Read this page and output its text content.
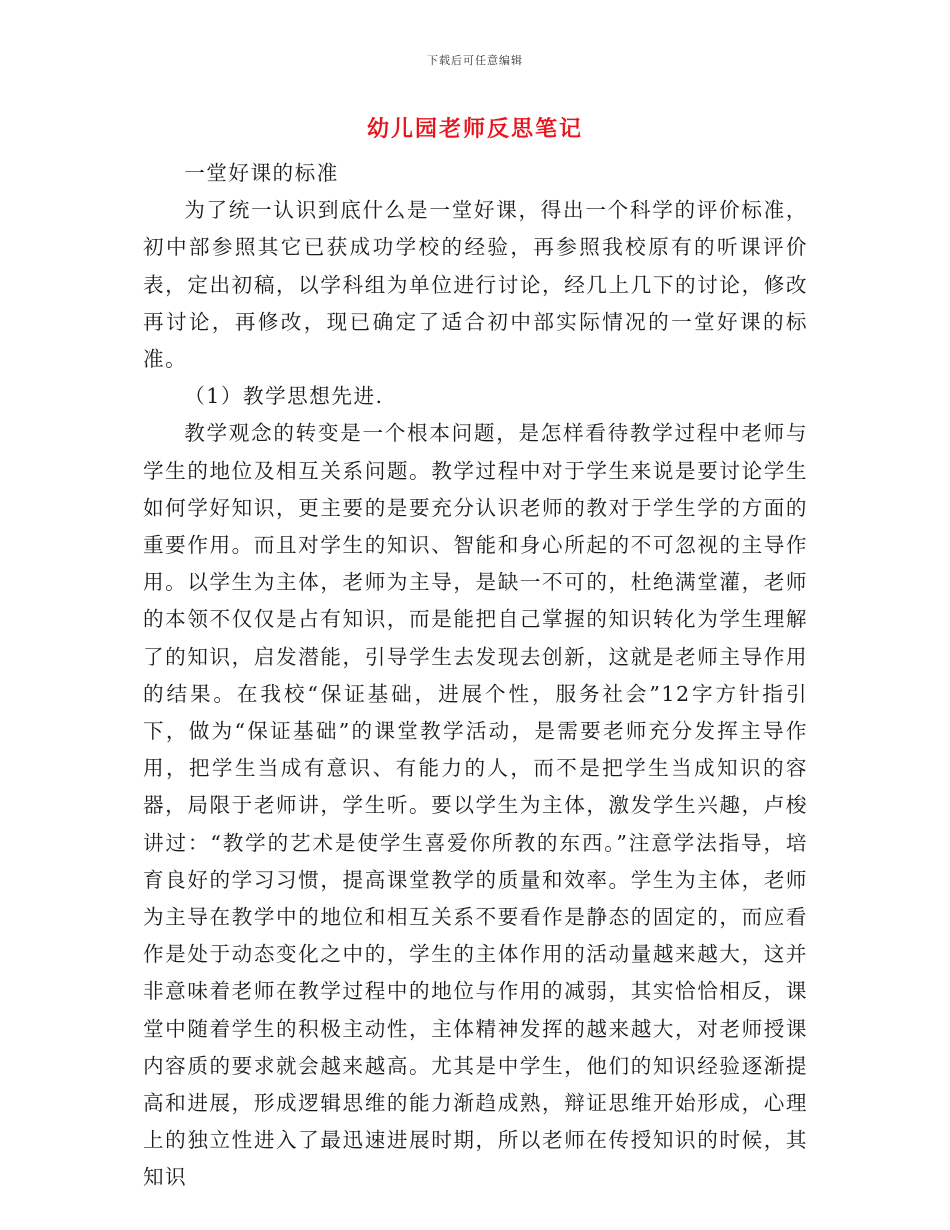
下载后可任意编辑
幼儿园老师反思笔记

一堂好课的标准

为了统一认识到底什么是一堂好课，得出一个科学的评价标准，初中部参照其它已获成功学校的经验，再参照我校原有的听课评价表，定出初稿，以学科组为单位进行讨论，经几上几下的讨论，修改再讨论，再修改，现已确定了适合初中部实际情况的一堂好课的标准。

（1）教学思想先进.

教学观念的转变是一个根本问题，是怎样看待教学过程中老师与学生的地位及相互关系问题。教学过程中对于学生来说是要讨论学生如何学好知识，更主要的是要充分认识老师的教对于学生学的方面的重要作用。而且对学生的知识、智能和身心所起的不可忽视的主导作用。以学生为主体，老师为主导，是缺一不可的，杜绝满堂灌，老师的本领不仅仅是占有知识，而是能把自己掌握的知识转化为学生理解了的知识，启发潜能，引导学生去发现去创新，这就是老师主导作用的结果。在我校“保证基础，进展个性，服务社会”12字方针指引下，做为“保证基础”的课堂教学活动，是需要老师充分发挥主导作用，把学生当成有意识、有能力的人，而不是把学生当成知识的容器，局限于老师讲，学生听。要以学生为主体，激发学生兴趣，卢梭讲过：“教学的艺术是使学生喜爱你所教的东西。”注意学法指导，培育良好的学习习惯，提高课堂教学的质量和效率。学生为主体，老师为主导在教学中的地位和相互关系不要看作是静态的固定的，而应看作是处于动态变化之中的，学生的主体作用的活动量越来越大，这并非意味着老师在教学过程中的地位与作用的减弱，其实恰恰相反，课堂中随着学生的积极主动性，主体精神发挥的越来越大，对老师授课内容质的要求就会越来越高。尤其是中学生，他们的知识经验逐渐提高和进展，形成逻辑思维的能力渐趋成熟，辩证思维开始形成，心理上的独立性进入了最迅速进展时期，所以老师在传授知识的时候，其知识
